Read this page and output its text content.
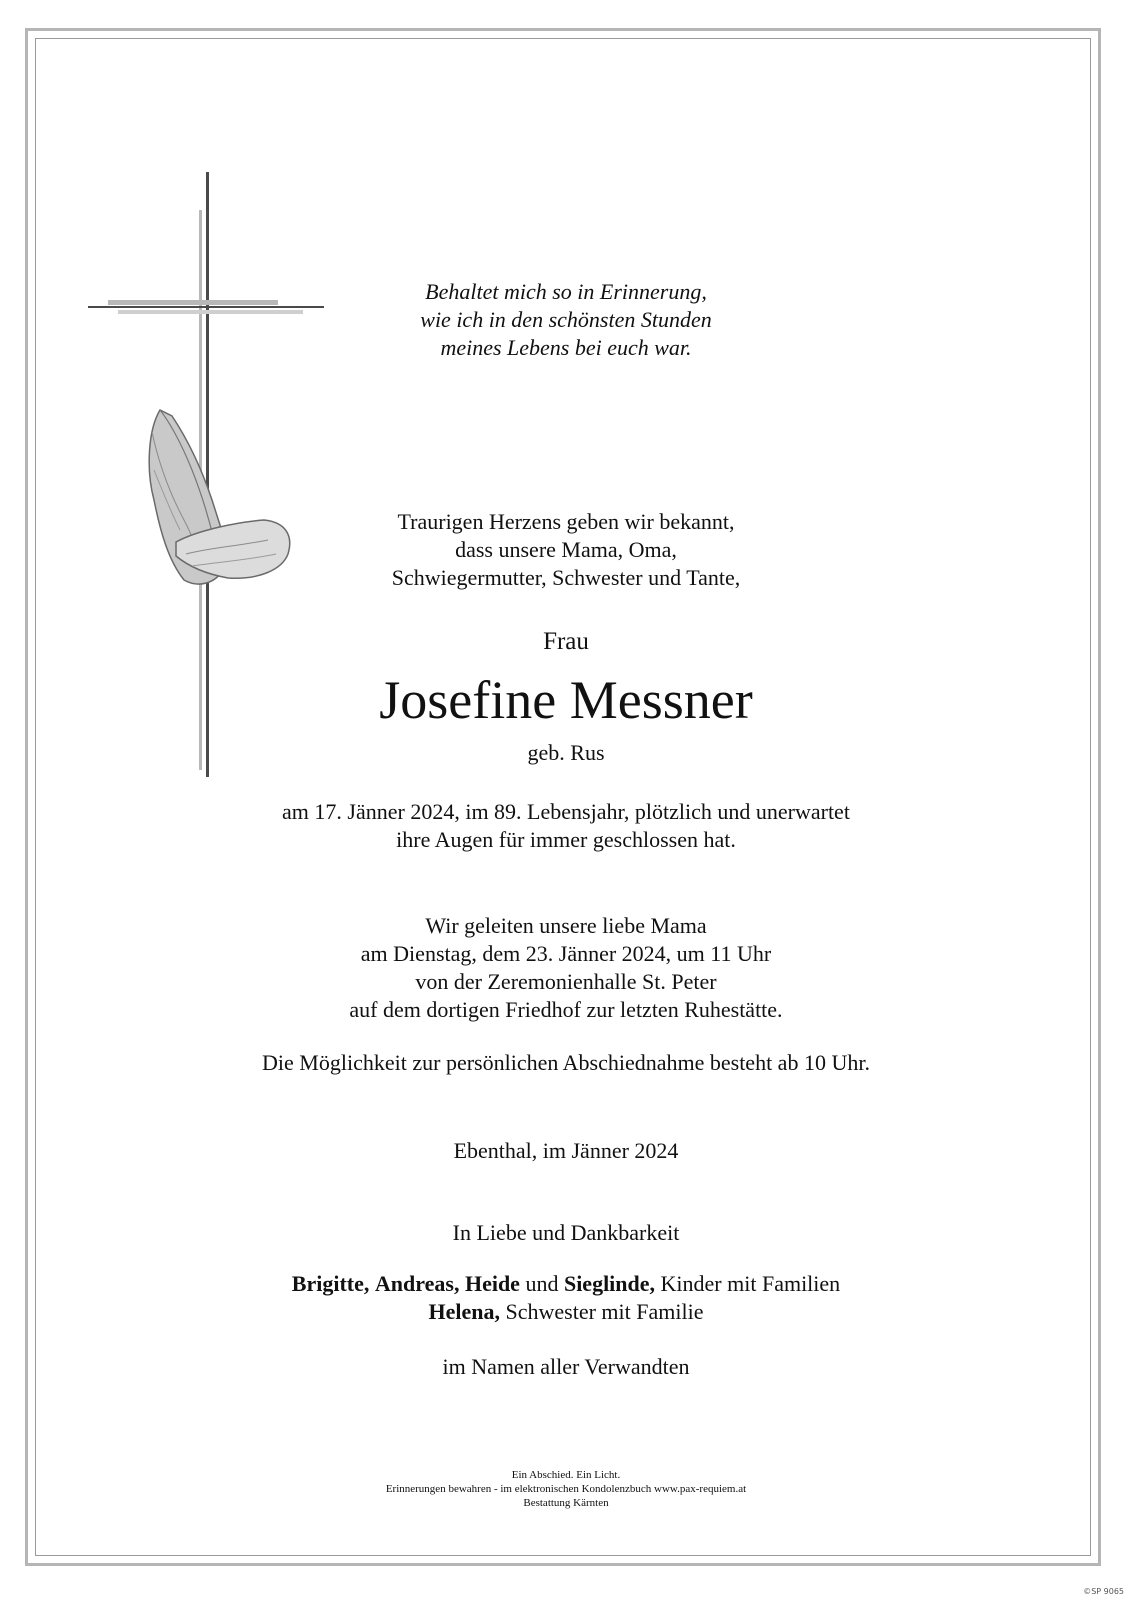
Behaltet mich so in Erinnerung,
wie ich in den schönsten Stunden
meines Lebens bei euch war.
Traurigen Herzens geben wir bekannt,
dass unsere Mama, Oma,
Schwiegermutter, Schwester und Tante,
Frau
Josefine Messner
geb. Rus
am 17. Jänner 2024, im 89. Lebensjahr, plötzlich und unerwartet
ihre Augen für immer geschlossen hat.
Wir geleiten unsere liebe Mama
am Dienstag, dem 23. Jänner 2024, um 11 Uhr
von der Zeremonienhalle St. Peter
auf dem dortigen Friedhof zur letzten Ruhestätte.
Die Möglichkeit zur persönlichen Abschiednahme besteht ab 10 Uhr.
Ebenthal, im Jänner 2024
In Liebe und Dankbarkeit
Brigitte, Andreas, Heide und Sieglinde, Kinder mit Familien
Helena, Schwester mit Familie
im Namen aller Verwandten
Ein Abschied. Ein Licht.
Erinnerungen bewahren - im elektronischen Kondolenzbuch www.pax-requiem.at
Bestattung Kärnten
©SP 9065
